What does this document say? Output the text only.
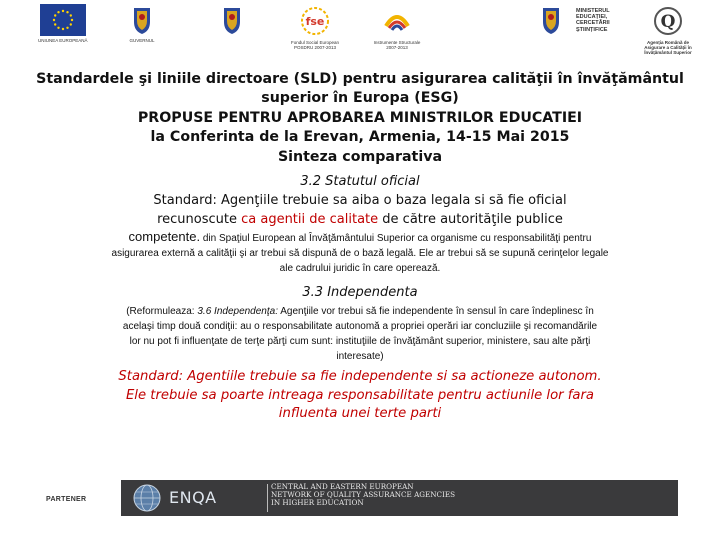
UNIUNEA EUROPEANĂ	GUVERNUL
fse
Fondul Social European
POSDRU 2007-2013
Instrumente Structurale
2007-2013
MINISTERUL
EDUCAȚIEI,
CERCETĂRII
ȘTIINȚIFICE	Q
Agenția Română de
Asigurare a Calității în
Învățământul Superior
Standardele şi liniile directoare (SLD) pentru asigurarea calităţii în învăţământul
superior în Europa (ESG)
PROPUSE PENTRU APROBAREA MINISTRILOR EDUCATIEI
la Conferinta de la Erevan, Armenia, 14-15 Mai 2015
Sinteza comparativa
3.2 Statutul oficial
Standard: Agenţiile trebuie sa aiba o baza legala si să fie oficial recunoscute ca agentii de calitate de către autorităţile publice
competente. din Spaţiul European al Învăţământului Superior ca organisme cu responsabilităţi pentru asigurarea externă a calităţii şi ar trebui să dispună de o bază legală. Ele ar trebui să se supună cerinţelor legale ale cadrului juridic în care operează.
3.3 Independenta
(Reformuleaza: 3.6 Independenţa: Agenţiile vor trebui să fie independente în sensul în care îndeplinesc în acelaşi timp două condiţii: au o responsabilitate autonomă a propriei operări iar concluziile şi recomandările lor nu pot fi influenţate de terţe părţi cum sunt: instituţiile de învăţământ superior, ministere, sau alte părţi interesate)
Standard: Agentiile trebuie sa fie independente si sa actioneze autonom. Ele trebuie sa poarte intreaga responsabilitate pentru actiunile lor fara influenta unei terte parti
PARTENER	ENQA
CENTRAL AND EASTERN EUROPEAN
NETWORK OF QUALITY ASSURANCE AGENCIES
IN HIGHER EDUCATION
